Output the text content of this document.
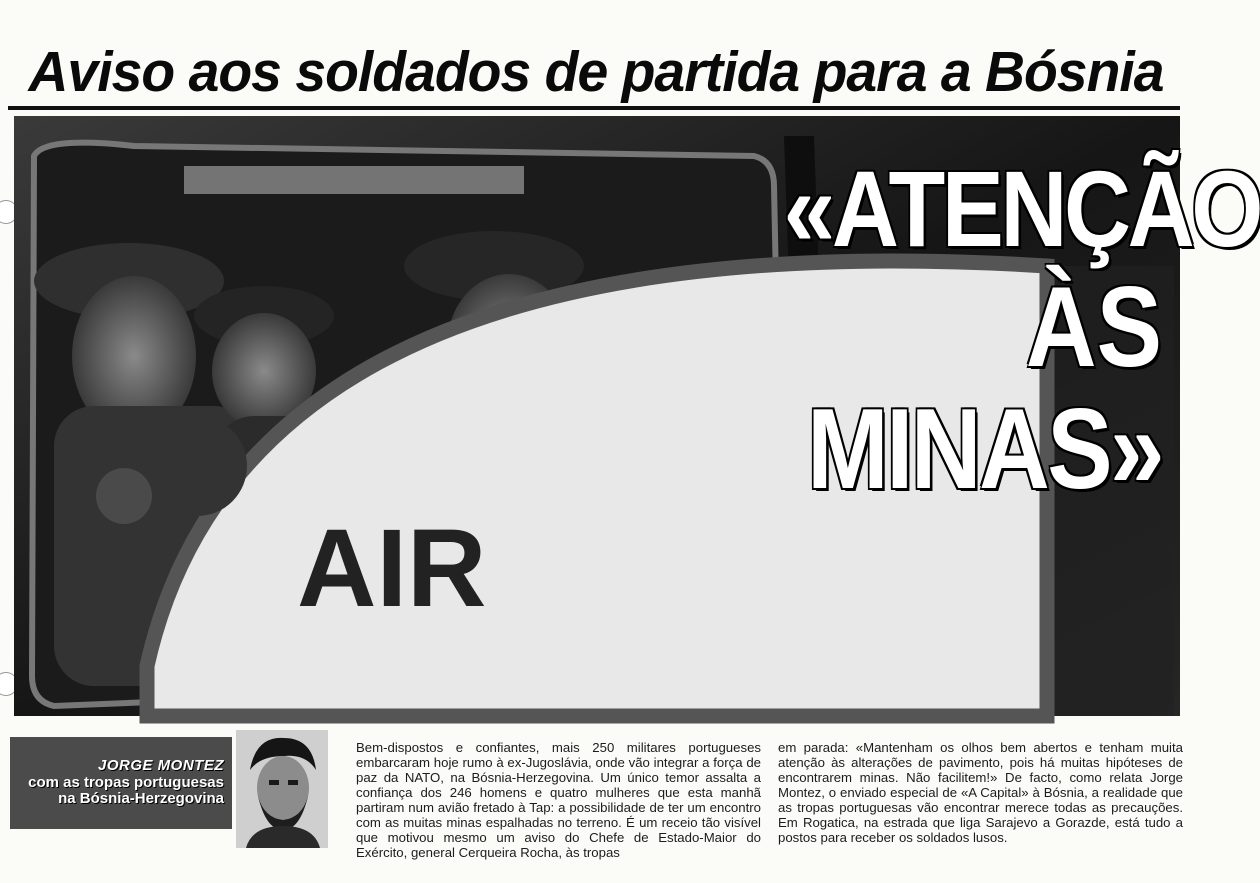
Aviso aos soldados de partida para a Bósnia
AIR
«ATENÇÃO
ÀS
MINAS»
JORGE MONTEZ
com as tropas portuguesas
na Bósnia-Herzegovina
Bem-dispostos e confiantes, mais 250 militares portugueses embarcaram hoje rumo à ex-Jugoslávia, onde vão integrar a força de paz da NATO, na Bósnia-Herzegovina. Um único temor assalta a confiança dos 246 homens e quatro mulheres que esta manhã partiram num avião fretado à Tap: a possibilidade de ter um encontro com as muitas minas espalhadas no terreno. É um receio tão visível que motivou mesmo um aviso do Chefe de Estado-Maior do Exército, general Cerqueira Rocha, às tropas
em parada: «Mantenham os olhos bem abertos e tenham muita atenção às alterações de pavimento, pois há muitas hipóteses de encontrarem minas. Não facilitem!» De facto, como relata Jorge Montez, o enviado especial de «A Capital» à Bósnia, a realidade que as tropas portuguesas vão encontrar merece todas as precauções. Em Rogatica, na estrada que liga Sarajevo a Gorazde, está tudo a postos para receber os soldados lusos.
